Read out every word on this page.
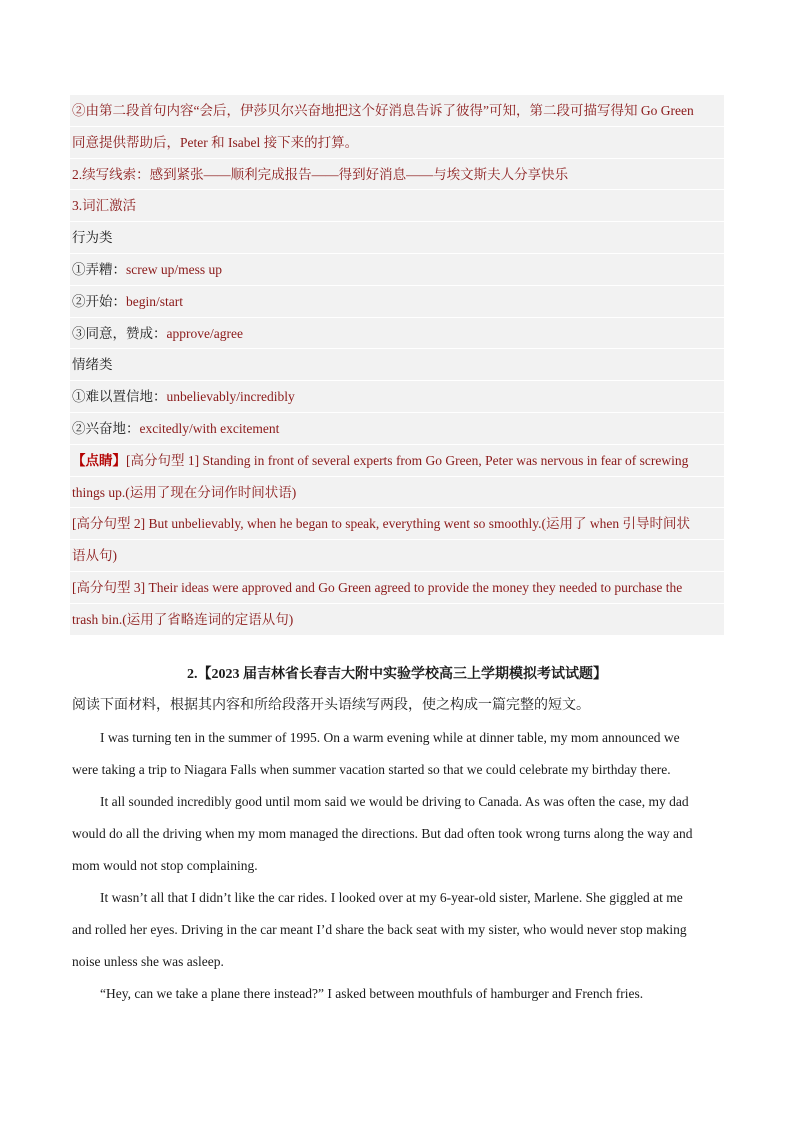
②由第二段首句内容“会后，伊莎贝尔兴奋地把这个好消息告诉了彼得”可知，第二段可描写得知 Go Green
同意提供帮助后，Peter 和 Isabel 接下来的打算。
2.续写线索：感到紧张——顺利完成报告——得到好消息——与埃文斯夫人分享快乐
3.词汇激活
行为类
①弄糟：screw up/mess up
②开始：begin/start
③同意，赞成：approve/agree
情绪类
①难以置信地：unbelievably/incredibly
②兴奋地：excitedly/with excitement
【点睛】[高分句型 1] Standing in front of several experts from Go Green, Peter was nervous in fear of screwing
things up.(运用了现在分词作时间状语)
[高分句型 2] But unbelievably, when he began to speak, everything went so smoothly.(运用了 when 引导时间状
语从句)
[高分句型 3] Their ideas were approved and Go Green agreed to provide the money they needed to purchase the
trash bin.(运用了省略连词的定语从句)
2.【2023 届吉林省长春吉大附中实验学校高三上学期模拟考试试题】
阅读下面材料，根据其内容和所给段落开头语续写两段，使之构成一篇完整的短文。
I was turning ten in the summer of 1995. On a warm evening while at dinner table, my mom announced we
were taking a trip to Niagara Falls when summer vacation started so that we could celebrate my birthday there.
It all sounded incredibly good until mom said we would be driving to Canada. As was often the case, my dad
would do all the driving when my mom managed the directions. But dad often took wrong turns along the way and
mom would not stop complaining.
It wasn’t all that I didn’t like the car rides. I looked over at my 6-year-old sister, Marlene. She giggled at me
and rolled her eyes. Driving in the car meant I’d share the back seat with my sister, who would never stop making
noise unless she was asleep.
“Hey, can we take a plane there instead?” I asked between mouthfuls of hamburger and French fries.
